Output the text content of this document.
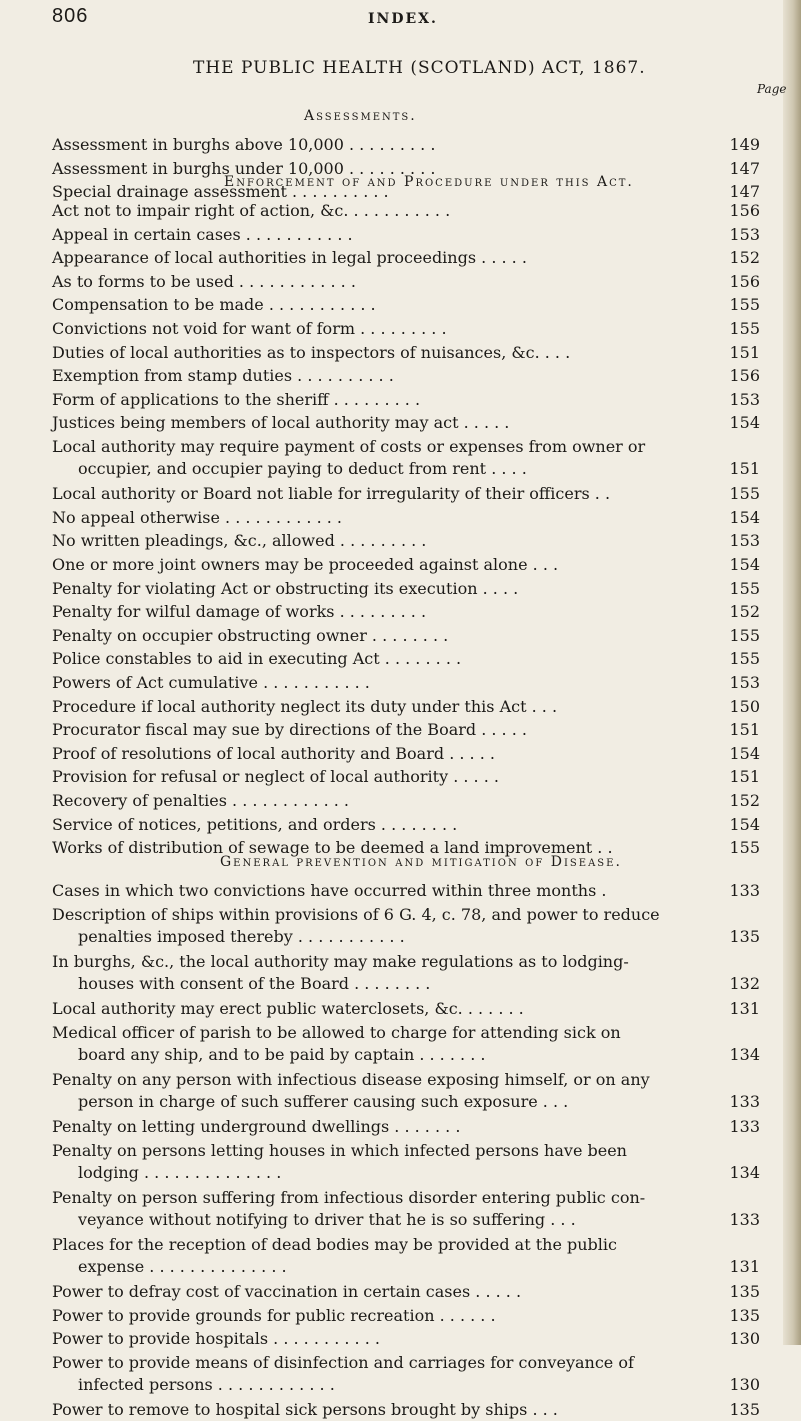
806	INDEX.
THE PUBLIC HEALTH (SCOTLAND) ACT, 1867.
Page
Assessments.
Assessment in burghs above 10,000 . . . . . . . . .	149
Assessment in burghs under 10,000 . . . . . . . . .	147
Special drainage assessment . . . . . . . . . .	147
Enforcement of and Procedure under this Act.
Act not to impair right of action, &c. . . . . . . . . . .	156
Appeal in certain cases . . . . . . . . . . .	153
Appearance of local authorities in legal proceedings . . . . .	152
As to forms to be used . . . . . . . . . . . .	156
Compensation to be made . . . . . . . . . . .	155
Convictions not void for want of form . . . . . . . . .	155
Duties of local authorities as to inspectors of nuisances, &c. . . .	151
Exemption from stamp duties . . . . . . . . . .	156
Form of applications to the sheriff . . . . . . . . .	153
Justices being members of local authority may act . . . . .	154
Local authority may require payment of costs or expenses from owner or
occupier, and occupier paying to deduct from rent . . . .	151
Local authority or Board not liable for irregularity of their officers . .	155
No appeal otherwise . . . . . . . . . . . .	154
No written pleadings, &c., allowed . . . . . . . . .	153
One or more joint owners may be proceeded against alone . . .	154
Penalty for violating Act or obstructing its execution . . . .	155
Penalty for wilful damage of works . . . . . . . . .	152
Penalty on occupier obstructing owner . . . . . . . .	155
Police constables to aid in executing Act . . . . . . . .	155
Powers of Act cumulative . . . . . . . . . . .	153
Procedure if local authority neglect its duty under this Act . . .	150
Procurator fiscal may sue by directions of the Board . . . . .	151
Proof of resolutions of local authority and Board . . . . .	154
Provision for refusal or neglect of local authority . . . . .	151
Recovery of penalties . . . . . . . . . . . .	152
Service of notices, petitions, and orders . . . . . . . .	154
Works of distribution of sewage to be deemed a land improvement . .	155
General prevention and mitigation of Disease.
Cases in which two convictions have occurred within three months .	133
Description of ships within provisions of 6 G. 4, c. 78, and power to reduce
penalties imposed thereby . . . . . . . . . . .	135
In burghs, &c., the local authority may make regulations as to lodging-
houses with consent of the Board . . . . . . . .	132
Local authority may erect public waterclosets, &c. . . . . . .	131
Medical officer of parish to be allowed to charge for attending sick on
board any ship, and to be paid by captain . . . . . . .	134
Penalty on any person with infectious disease exposing himself, or on any
person in charge of such sufferer causing such exposure . . .	133
Penalty on letting underground dwellings . . . . . . .	133
Penalty on persons letting houses in which infected persons have been
lodging . . . . . . . . . . . . . .	134
Penalty on person suffering from infectious disorder entering public con-
veyance without notifying to driver that he is so suffering . . .	133
Places for the reception of dead bodies may be provided at the public
expense . . . . . . . . . . . . . .	131
Power to defray cost of vaccination in certain cases . . . . .	135
Power to provide grounds for public recreation . . . . . .	135
Power to provide hospitals . . . . . . . . . . .	130
Power to provide means of disinfection and carriages for conveyance of
infected persons . . . . . . . . . . . .	130
Power to remove to hospital sick persons brought by ships . . .	135
